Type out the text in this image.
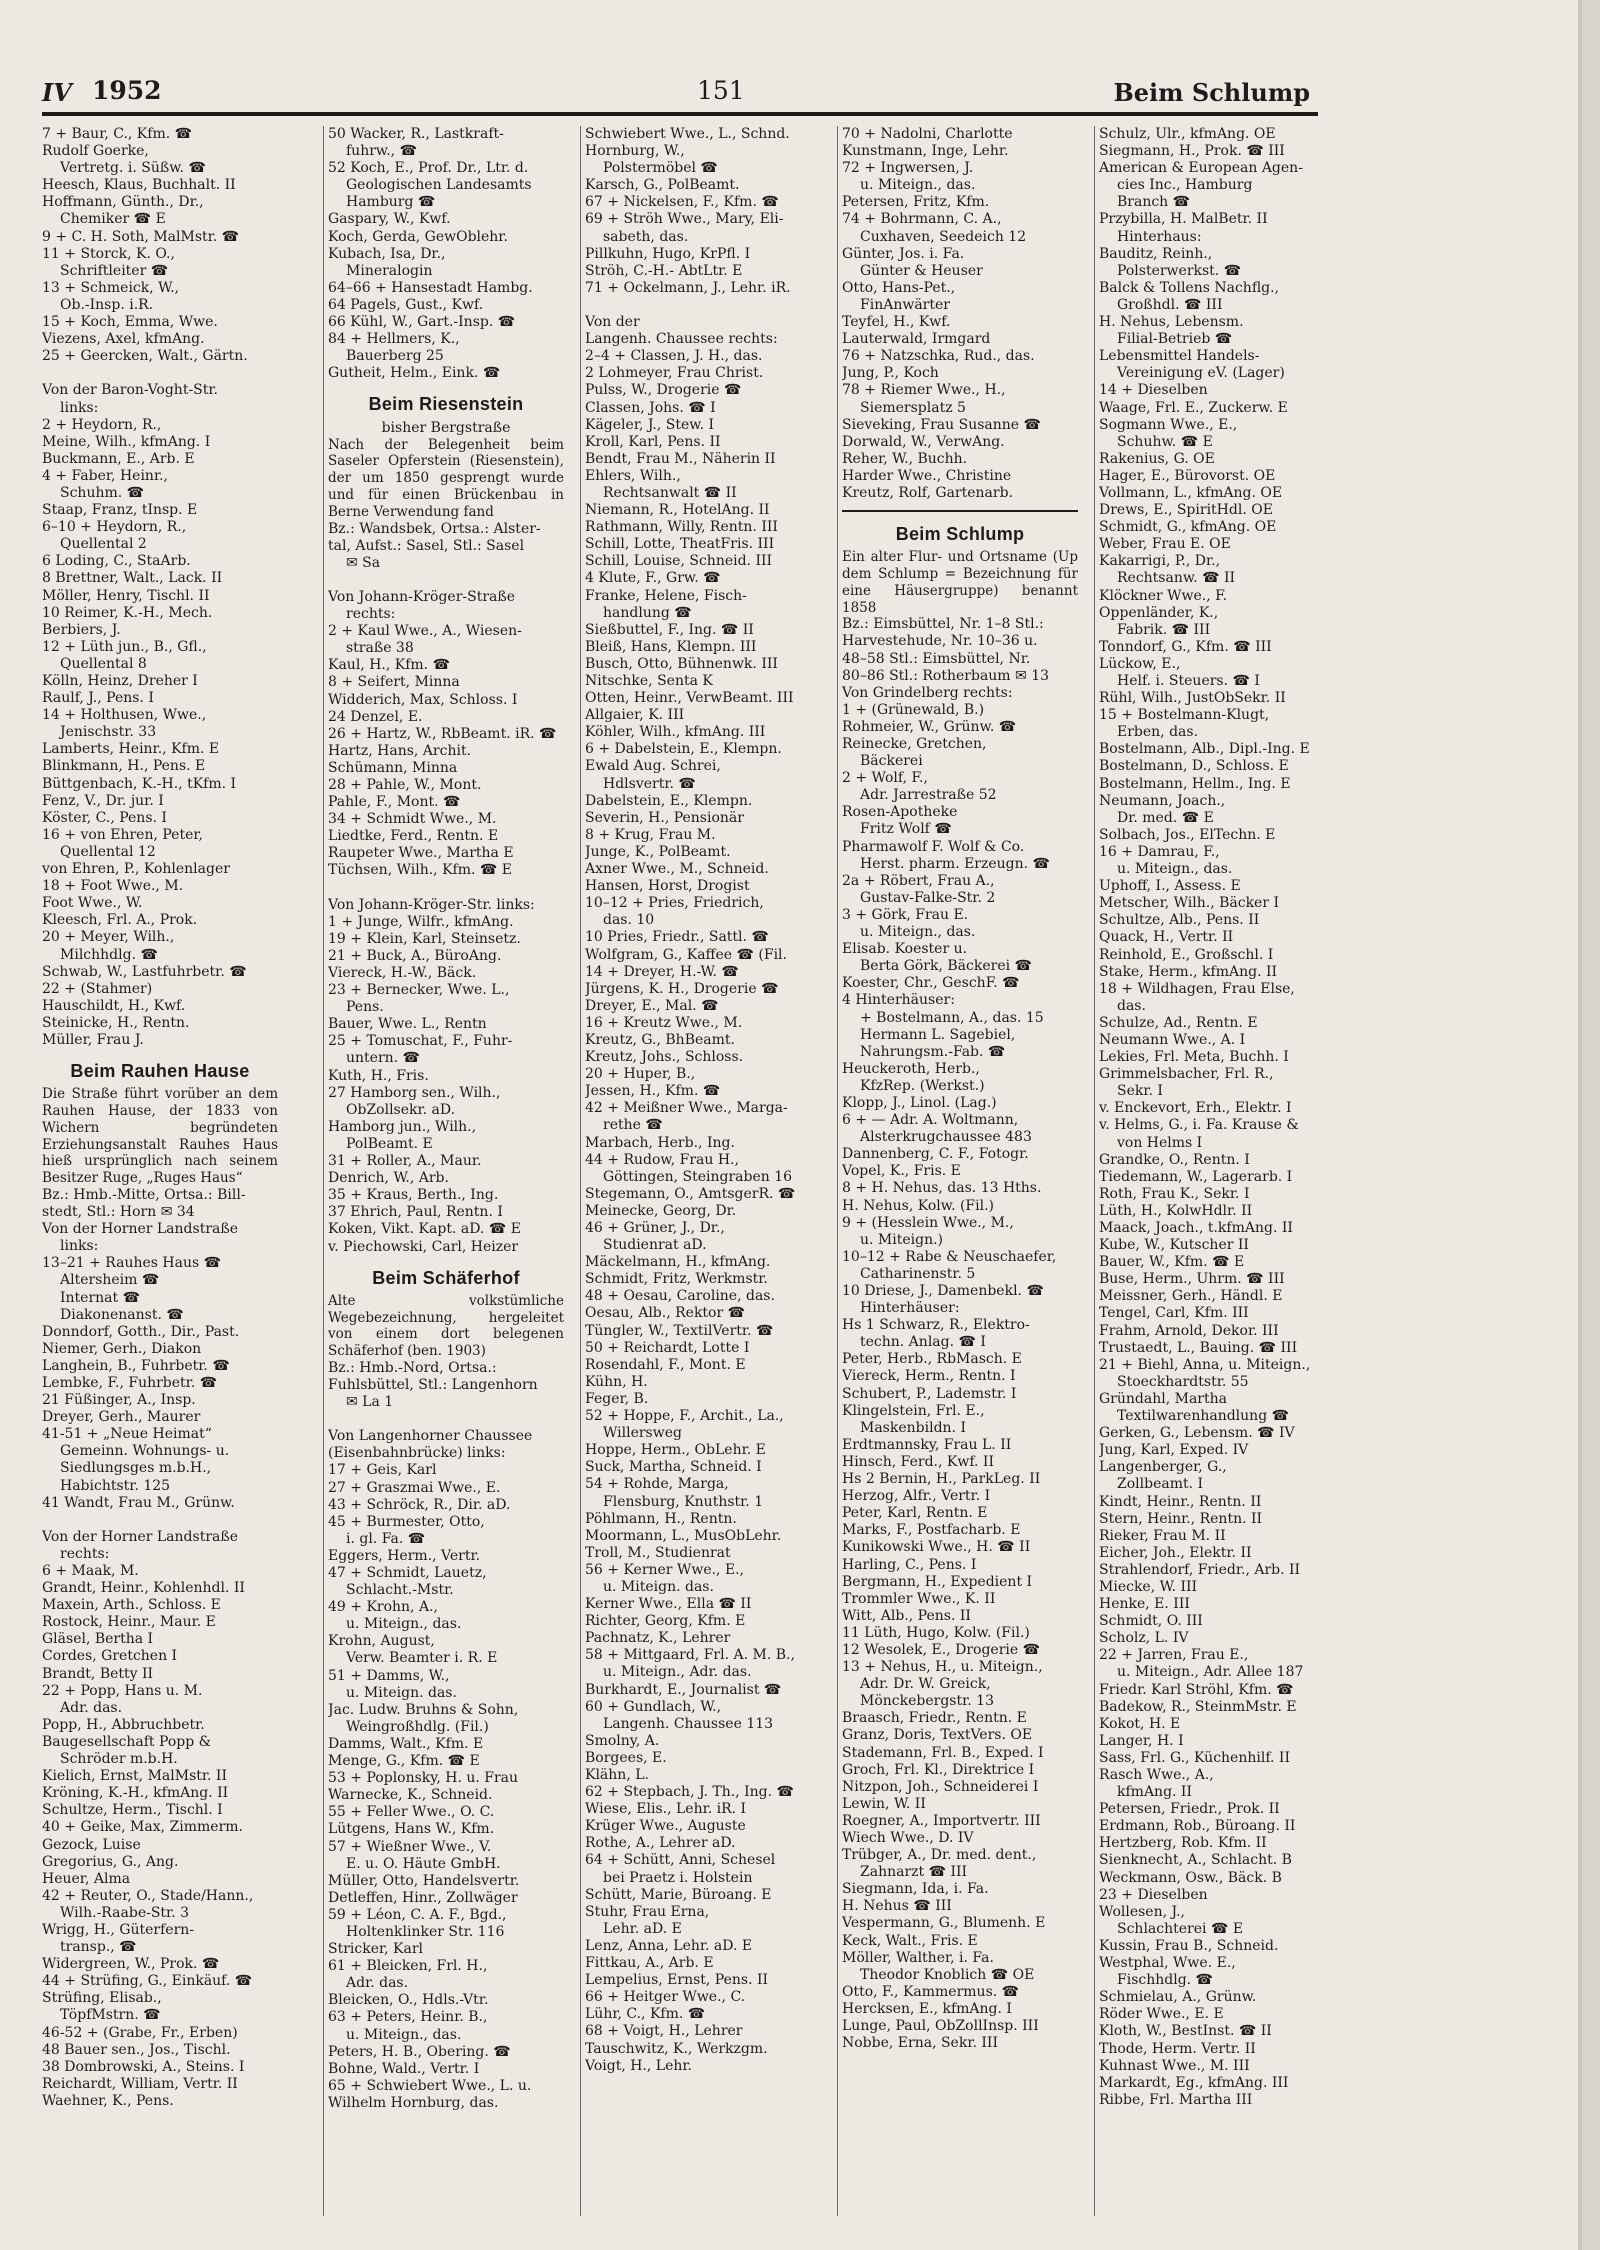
IV 1952	151	Beim Schlump
7 + Baur, C., Kfm. ☎
Rudolf Goerke,
Vertretg. i. Süßw. ☎
Heesch, Klaus, Buchhalt. II
Hoffmann, Günth., Dr.,
Chemiker ☎ E
9 + C. H. Soth, MalMstr. ☎
11 + Storck, K. O.,
Schriftleiter ☎
13 + Schmeick, W.,
Ob.-Insp. i.R.
15 + Koch, Emma, Wwe.
Viezens, Axel, kfmAng.
25 + Geercken, Walt., Gärtn.

Von der Baron-Voght-Str.
links:
2 + Heydorn, R.,
Meine, Wilh., kfmAng. I
Buckmann, E., Arb. E
4 + Faber, Heinr.,
Schuhm. ☎
Staap, Franz, tInsp. E
6–10 + Heydorn, R.,
Quellental 2
6 Loding, C., StaArb.
8 Brettner, Walt., Lack. II
Möller, Henry, Tischl. II
10 Reimer, K.-H., Mech.
Berbiers, J.
12 + Lüth jun., B., Gfl.,
Quellental 8
Kölln, Heinz, Dreher I
Raulf, J., Pens. I
14 + Holthusen, Wwe.,
Jenischstr. 33
Lamberts, Heinr., Kfm. E
Blinkmann, H., Pens. E
Büttgenbach, K.-H., tKfm. I
Fenz, V., Dr. jur. I
Köster, C., Pens. I
16 + von Ehren, Peter,
Quellental 12
von Ehren, P., Kohlenlager
18 + Foot Wwe., M.
Foot Wwe., W.
Kleesch, Frl. A., Prok.
20 + Meyer, Wilh.,
Milchhdlg. ☎
Schwab, W., Lastfuhrbetr. ☎
22 + (Stahmer)
Hauschildt, H., Kwf.
Steinicke, H., Rentn.
Müller, Frau J.
Beim Rauhen Hause
Die Straße führt vorüber an dem Rauhen Hause, der 1833 von Wichern begründeten Erziehungsanstalt Rauhes Haus hieß ursprünglich nach seinem Besitzer Ruge, „Ruges Haus“
Bz.: Hmb.-Mitte, Ortsa.: Bill-
stedt, Stl.: Horn ✉ 34
Von der Horner Landstraße
links:
13–21 + Rauhes Haus ☎
Altersheim ☎
Internat ☎
Diakonenanst. ☎
Donndorf, Gotth., Dir., Past.
Niemer, Gerh., Diakon
Langhein, B., Fuhrbetr. ☎
Lembke, F., Fuhrbetr. ☎
21 Füßinger, A., Insp.
Dreyer, Gerh., Maurer
41-51 + „Neue Heimat“
Gemeinn. Wohnungs- u.
Siedlungsges m.b.H.,
Habichtstr. 125
41 Wandt, Frau M., Grünw.

Von der Horner Landstraße
rechts:
6 + Maak, M.
Grandt, Heinr., Kohlenhdl. II
Maxein, Arth., Schloss. E
Rostock, Heinr., Maur. E
Gläsel, Bertha I
Cordes, Gretchen I
Brandt, Betty II
22 + Popp, Hans u. M.
Adr. das.
Popp, H., Abbruchbetr.
Baugesellschaft Popp &
Schröder m.b.H.
Kielich, Ernst, MalMstr. II
Kröning, K.-H., kfmAng. II
Schultze, Herm., Tischl. I
40 + Geike, Max, Zimmerm.
Gezock, Luise
Gregorius, G., Ang.
Heuer, Alma
42 + Reuter, O., Stade/Hann.,
Wilh.-Raabe-Str. 3
Wrigg, H., Güterfern-
transp., ☎
Widergreen, W., Prok. ☎
44 + Strüfing, G., Einkäuf. ☎
Strüfing, Elisab.,
TöpfMstrn. ☎
46-52 + (Grabe, Fr., Erben)
48 Bauer sen., Jos., Tischl.
38 Dombrowski, A., Steins. I
Reichardt, William, Vertr. II
Waehner, K., Pens.
50 Wacker, R., Lastkraft-
fuhrw., ☎
52 Koch, E., Prof. Dr., Ltr. d.
Geologischen Landesamts
Hamburg ☎
Gaspary, W., Kwf.
Koch, Gerda, GewOblehr.
Kubach, Isa, Dr.,
Mineralogin
64–66 + Hansestadt Hambg.
64 Pagels, Gust., Kwf.
66 Kühl, W., Gart.-Insp. ☎
84 + Hellmers, K.,
Bauerberg 25
Gutheit, Helm., Eink. ☎
Beim Riesenstein
bisher Bergstraße
Nach der Belegenheit beim Saseler Opferstein (Riesenstein), der um 1850 gesprengt wurde und für einen Brückenbau in Berne Verwendung fand
Bz.: Wandsbek, Ortsa.: Alster-
tal, Aufst.: Sasel, Stl.: Sasel
✉ Sa

Von Johann-Kröger-Straße
rechts:
2 + Kaul Wwe., A., Wiesen-
straße 38
Kaul, H., Kfm. ☎
8 + Seifert, Minna
Widderich, Max, Schloss. I
24 Denzel, E.
26 + Hartz, W., RbBeamt. iR. ☎
Hartz, Hans, Archit.
Schümann, Minna
28 + Pahle, W., Mont.
Pahle, F., Mont. ☎
34 + Schmidt Wwe., M.
Liedtke, Ferd., Rentn. E
Raupeter Wwe., Martha E
Tüchsen, Wilh., Kfm. ☎ E

Von Johann-Kröger-Str. links:
1 + Junge, Wilfr., kfmAng.
19 + Klein, Karl, Steinsetz.
21 + Buck, A., BüroAng.
Viereck, H.-W., Bäck.
23 + Bernecker, Wwe. L.,
Pens.
Bauer, Wwe. L., Rentn
25 + Tomuschat, F., Fuhr-
untern. ☎
Kuth, H., Fris.
27 Hamborg sen., Wilh.,
ObZollsekr. aD.
Hamborg jun., Wilh.,
PolBeamt. E
31 + Roller, A., Maur.
Denrich, W., Arb.
35 + Kraus, Berth., Ing.
37 Ehrich, Paul, Rentn. I
Koken, Vikt. Kapt. aD. ☎ E
v. Piechowski, Carl, Heizer
Beim Schäferhof
Alte volkstümliche Wegebezeichnung, hergeleitet von einem dort belegenen Schäferhof (ben. 1903)
Bz.: Hmb.-Nord, Ortsa.:
Fuhlsbüttel, Stl.: Langenhorn
✉ La 1

Von Langenhorner Chaussee
(Eisenbahnbrücke) links:
17 + Geis, Karl
27 + Graszmai Wwe., E.
43 + Schröck, R., Dir. aD.
45 + Burmester, Otto,
i. gl. Fa. ☎
Eggers, Herm., Vertr.
47 + Schmidt, Lauetz,
Schlacht.-Mstr.
49 + Krohn, A.,
u. Miteign., das.
Krohn, August,
Verw. Beamter i. R. E
51 + Damms, W.,
u. Miteign. das.
Jac. Ludw. Bruhns & Sohn,
Weingroßhdlg. (Fil.)
Damms, Walt., Kfm. E
Menge, G., Kfm. ☎ E
53 + Poplonsky, H. u. Frau
Warnecke, K., Schneid.
55 + Feller Wwe., O. C.
Lütgens, Hans W., Kfm.
57 + Wießner Wwe., V.
E. u. O. Häute GmbH.
Müller, Otto, Handelsvertr.
Detleffen, Hinr., Zollwäger
59 + Léon, C. A. F., Bgd.,
Holtenklinker Str. 116
Stricker, Karl
61 + Bleicken, Frl. H.,
Adr. das.
Bleicken, O., Hdls.-Vtr.
63 + Peters, Heinr. B.,
u. Miteign., das.
Peters, H. B., Obering. ☎
Bohne, Wald., Vertr. I
65 + Schwiebert Wwe., L. u.
Wilhelm Hornburg, das.
Schwiebert Wwe., L., Schnd.
Hornburg, W.,
Polstermöbel ☎
Karsch, G., PolBeamt.
67 + Nickelsen, F., Kfm. ☎
69 + Ströh Wwe., Mary, Eli-
sabeth, das.
Pillkuhn, Hugo, KrPfl. I
Ströh, C.-H.- AbtLtr. E
71 + Ockelmann, J., Lehr. iR.

Von der
Langenh. Chaussee rechts:
2–4 + Classen, J. H., das.
2 Lohmeyer, Frau Christ.
Pulss, W., Drogerie ☎
Classen, Johs. ☎ I
Kägeler, J., Stew. I
Kroll, Karl, Pens. II
Bendt, Frau M., Näherin II
Ehlers, Wilh.,
Rechtsanwalt ☎ II
Niemann, R., HotelAng. II
Rathmann, Willy, Rentn. III
Schill, Lotte, TheatFris. III
Schill, Louise, Schneid. III
4 Klute, F., Grw. ☎
Franke, Helene, Fisch-
handlung ☎
Sießbuttel, F., Ing. ☎ II
Bleiß, Hans, Klempn. III
Busch, Otto, Bühnenwk. III
Nitschke, Senta K
Otten, Heinr., VerwBeamt. III
Allgaier, K. III
Köhler, Wilh., kfmAng. III
6 + Dabelstein, E., Klempn.
Ewald Aug. Schrei,
Hdlsvertr. ☎
Dabelstein, E., Klempn.
Severin, H., Pensionär
8 + Krug, Frau M.
Junge, K., PolBeamt.
Axner Wwe., M., Schneid.
Hansen, Horst, Drogist
10–12 + Pries, Friedrich,
das. 10
10 Pries, Friedr., Sattl. ☎
Wolfgram, G., Kaffee ☎ (Fil.
14 + Dreyer, H.-W. ☎
Jürgens, K. H., Drogerie ☎
Dreyer, E., Mal. ☎
16 + Kreutz Wwe., M.
Kreutz, G., BhBeamt.
Kreutz, Johs., Schloss.
20 + Huper, B.,
Jessen, H., Kfm. ☎
42 + Meißner Wwe., Marga-
rethe ☎
Marbach, Herb., Ing.
44 + Rudow, Frau H.,
Göttingen, Steingraben 16
Stegemann, O., AmtsgerR. ☎
Meinecke, Georg, Dr.
46 + Grüner, J., Dr.,
Studienrat aD.
Mäckelmann, H., kfmAng.
Schmidt, Fritz, Werkmstr.
48 + Oesau, Caroline, das.
Oesau, Alb., Rektor ☎
Tüngler, W., TextilVertr. ☎
50 + Reichardt, Lotte I
Rosendahl, F., Mont. E
Kühn, H.
Feger, B.
52 + Hoppe, F., Archit., La.,
Willersweg
Hoppe, Herm., ObLehr. E
Suck, Martha, Schneid. I
54 + Rohde, Marga,
Flensburg, Knuthstr. 1
Pöhlmann, H., Rentn.
Moormann, L., MusObLehr.
Troll, M., Studienrat
56 + Kerner Wwe., E.,
u. Miteign. das.
Kerner Wwe., Ella ☎ II
Richter, Georg, Kfm. E
Pachnatz, K., Lehrer
58 + Mittgaard, Frl. A. M. B.,
u. Miteign., Adr. das.
Burkhardt, E., Journalist ☎
60 + Gundlach, W.,
Langenh. Chaussee 113
Smolny, A.
Borgees, E.
Klähn, L.
62 + Stepbach, J. Th., Ing. ☎
Wiese, Elis., Lehr. iR. I
Krüger Wwe., Auguste
Rothe, A., Lehrer aD.
64 + Schütt, Anni, Schesel
bei Praetz i. Holstein
Schütt, Marie, Büroang. E
Stuhr, Frau Erna,
Lehr. aD. E
Lenz, Anna, Lehr. aD. E
Fittkau, A., Arb. E
Lempelius, Ernst, Pens. II
66 + Heitger Wwe., C.
Lühr, C., Kfm. ☎
68 + Voigt, H., Lehrer
Tauschwitz, K., Werkzgm.
Voigt, H., Lehr.
70 + Nadolni, Charlotte
Kunstmann, Inge, Lehr.
72 + Ingwersen, J.
u. Miteign., das.
Petersen, Fritz, Kfm.
74 + Bohrmann, C. A.,
Cuxhaven, Seedeich 12
Günter, Jos. i. Fa.
Günter & Heuser
Otto, Hans-Pet.,
FinAnwärter
Teyfel, H., Kwf.
Lauterwald, Irmgard
76 + Natzschka, Rud., das.
Jung, P., Koch
78 + Riemer Wwe., H.,
Siemersplatz 5
Sieveking, Frau Susanne ☎
Dorwald, W., VerwAng.
Reher, W., Buchh.
Harder Wwe., Christine
Kreutz, Rolf, Gartenarb.
Beim Schlump
Ein alter Flur- und Ortsname (Up dem Schlump = Bezeichnung für eine Häusergruppe) benannt 1858
Bz.: Eimsbüttel, Nr. 1–8 Stl.:
Harvestehude, Nr. 10–36 u.
48–58 Stl.: Eimsbüttel, Nr.
80–86 Stl.: Rotherbaum ✉ 13
Von Grindelberg rechts:
1 + (Grünewald, B.)
Rohmeier, W., Grünw. ☎
Reinecke, Gretchen,
Bäckerei
2 + Wolf, F.,
Adr. Jarrestraße 52
Rosen-Apotheke
Fritz Wolf ☎
Pharmawolf F. Wolf & Co.
Herst. pharm. Erzeugn. ☎
2a + Röbert, Frau A.,
Gustav-Falke-Str. 2
3 + Görk, Frau E.
u. Miteign., das.
Elisab. Koester u.
Berta Görk, Bäckerei ☎
Koester, Chr., GeschF. ☎
4 Hinterhäuser:
+ Bostelmann, A., das. 15
Hermann L. Sagebiel,
Nahrungsm.-Fab. ☎
Heuckeroth, Herb.,
KfzRep. (Werkst.)
Klopp, J., Linol. (Lag.)
6 + — Adr. A. Woltmann,
Alsterkrugchaussee 483
Dannenberg, C. F., Fotogr.
Vopel, K., Fris. E
8 + H. Nehus, das. 13 Hths.
H. Nehus, Kolw. (Fil.)
9 + (Hesslein Wwe., M.,
u. Miteign.)
10–12 + Rabe & Neuschaefer,
Catharinenstr. 5
10 Driese, J., Damenbekl. ☎
Hinterhäuser:
Hs 1 Schwarz, R., Elektro-
techn. Anlag. ☎ I
Peter, Herb., RbMasch. E
Viereck, Herm., Rentn. I
Schubert, P., Lademstr. I
Klingelstein, Frl. E.,
Maskenbildn. I
Erdtmannsky, Frau L. II
Hinsch, Ferd., Kwf. II
Hs 2 Bernin, H., ParkLeg. II
Herzog, Alfr., Vertr. I
Peter, Karl, Rentn. E
Marks, F., Postfacharb. E
Kunikowski Wwe., H. ☎ II
Harling, C., Pens. I
Bergmann, H., Expedient I
Trommler Wwe., K. II
Witt, Alb., Pens. II
11 Lüth, Hugo, Kolw. (Fil.)
12 Wesolek, E., Drogerie ☎
13 + Nehus, H., u. Miteign.,
Adr. Dr. W. Greick,
Mönckebergstr. 13
Braasch, Friedr., Rentn. E
Granz, Doris, TextVers. OE
Stademann, Frl. B., Exped. I
Groch, Frl. Kl., Direktrice I
Nitzpon, Joh., Schneiderei I
Lewin, W. II
Roegner, A., Importvertr. III
Wiech Wwe., D. IV
Trübger, A., Dr. med. dent.,
Zahnarzt ☎ III
Siegmann, Ida, i. Fa.
H. Nehus ☎ III
Vespermann, G., Blumenh. E
Keck, Walt., Fris. E
Möller, Walther, i. Fa.
Theodor Knoblich ☎ OE
Otto, F., Kammermus. ☎
Hercksen, E., kfmAng. I
Lunge, Paul, ObZollInsp. III
Nobbe, Erna, Sekr. III
Schulz, Ulr., kfmAng. OE
Siegmann, H., Prok. ☎ III
American & European Agen-
cies Inc., Hamburg
Branch ☎
Przybilla, H. MalBetr. II
Hinterhaus:
Bauditz, Reinh.,
Polsterwerkst. ☎
Balck & Tollens Nachflg.,
Großhdl. ☎ III
H. Nehus, Lebensm.
Filial-Betrieb ☎
Lebensmittel Handels-
Vereinigung eV. (Lager)
14 + Dieselben
Waage, Frl. E., Zuckerw. E
Sogmann Wwe., E.,
Schuhw. ☎ E
Rakenius, G. OE
Hager, E., Bürovorst. OE
Vollmann, L., kfmAng. OE
Drews, E., SpiritHdl. OE
Schmidt, G., kfmAng. OE
Weber, Frau E. OE
Kakarrigi, P., Dr.,
Rechtsanw. ☎ II
Klöckner Wwe., F.
Oppenländer, K.,
Fabrik. ☎ III
Tonndorf, G., Kfm. ☎ III
Lückow, E.,
Helf. i. Steuers. ☎ I
Rühl, Wilh., JustObSekr. II
15 + Bostelmann-Klugt,
Erben, das.
Bostelmann, Alb., Dipl.-Ing. E
Bostelmann, D., Schloss. E
Bostelmann, Hellm., Ing. E
Neumann, Joach.,
Dr. med. ☎ E
Solbach, Jos., ElTechn. E
16 + Damrau, F.,
u. Miteign., das.
Uphoff, I., Assess. E
Metscher, Wilh., Bäcker I
Schultze, Alb., Pens. II
Quack, H., Vertr. II
Reinhold, E., Großschl. I
Stake, Herm., kfmAng. II
18 + Wildhagen, Frau Else,
das.
Schulze, Ad., Rentn. E
Neumann Wwe., A. I
Lekies, Frl. Meta, Buchh. I
Grimmelsbacher, Frl. R.,
Sekr. I
v. Enckevort, Erh., Elektr. I
v. Helms, G., i. Fa. Krause &
von Helms I
Grandke, O., Rentn. I
Tiedemann, W., Lagerarb. I
Roth, Frau K., Sekr. I
Lüth, H., KolwHdlr. II
Maack, Joach., t.kfmAng. II
Kube, W., Kutscher II
Bauer, W., Kfm. ☎ E
Buse, Herm., Uhrm. ☎ III
Meissner, Gerh., Händl. E
Tengel, Carl, Kfm. III
Frahm, Arnold, Dekor. III
Trustaedt, L., Bauing. ☎ III
21 + Biehl, Anna, u. Miteign.,
Stoeckhardtstr. 55
Gründahl, Martha
Textilwarenhandlung ☎
Gerken, G., Lebensm. ☎ IV
Jung, Karl, Exped. IV
Langenberger, G.,
Zollbeamt. I
Kindt, Heinr., Rentn. II
Stern, Heinr., Rentn. II
Rieker, Frau M. II
Eicher, Joh., Elektr. II
Strahlendorf, Friedr., Arb. II
Miecke, W. III
Henke, E. III
Schmidt, O. III
Scholz, L. IV
22 + Jarren, Frau E.,
u. Miteign., Adr. Allee 187
Friedr. Karl Ströhl, Kfm. ☎
Badekow, R., SteinmMstr. E
Kokot, H. E
Langer, H. I
Sass, Frl. G., Küchenhilf. II
Rasch Wwe., A.,
kfmAng. II
Petersen, Friedr., Prok. II
Erdmann, Rob., Büroang. II
Hertzberg, Rob. Kfm. II
Sienknecht, A., Schlacht. B
Weckmann, Osw., Bäck. B
23 + Dieselben
Wollesen, J.,
Schlachterei ☎ E
Kussin, Frau B., Schneid.
Westphal, Wwe. E.,
Fischhdlg. ☎
Schmielau, A., Grünw.
Röder Wwe., E. E
Kloth, W., BestInst. ☎ II
Thode, Herm. Vertr. II
Kuhnast Wwe., M. III
Markardt, Eg., kfmAng. III
Ribbe, Frl. Martha III
